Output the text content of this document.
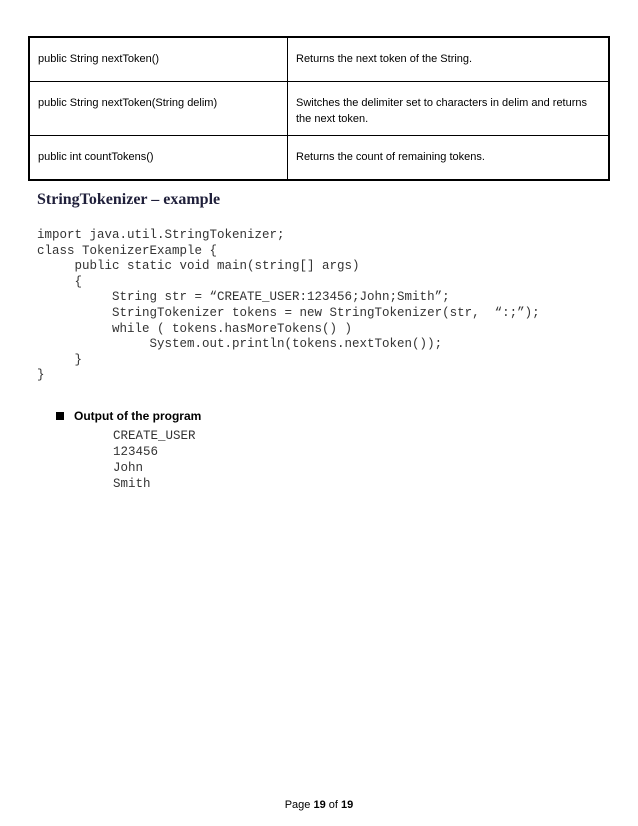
public String nextToken()	Returns the next token of the String.
public String nextToken(String delim)	Switches the delimiter set to characters in delim and returns the next token.
public int countTokens()	Returns the count of remaining tokens.
StringTokenizer – example
import java.util.StringTokenizer;
class TokenizerExample {
public static void main(string[] args)
{
String str = “CREATE_USER:123456;John;Smith”;
StringTokenizer tokens = new StringTokenizer(str,  “:;”);
while ( tokens.hasMoreTokens() )
System.out.println(tokens.nextToken());
}
}
Output of the program
CREATE_USER
123456
John
Smith
Page 19 of 19
